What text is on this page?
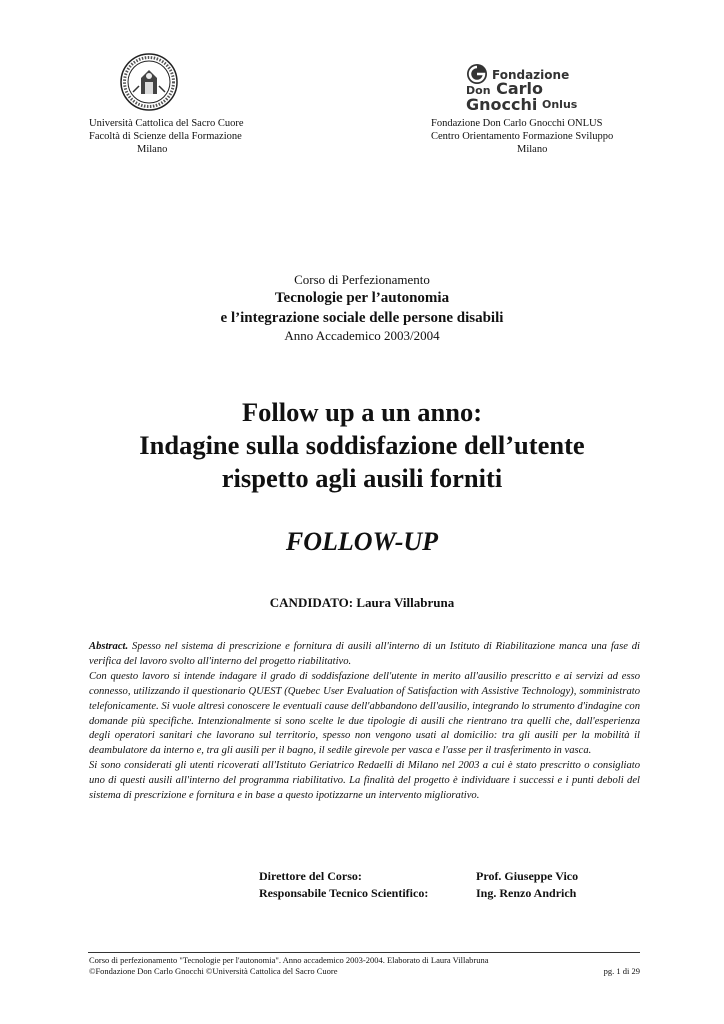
Fondazione
Don Carlo Gnocchi Onlus
Università Cattolica del Sacro Cuore
Facoltà di Scienze della Formazione
Milano
Fondazione Don Carlo Gnocchi ONLUS
Centro Orientamento Formazione Sviluppo
Milano
Corso di Perfezionamento
Tecnologie per l’autonomia
e l’integrazione sociale delle persone disabili
Anno Accademico 2003/2004
Follow up a un anno:
Indagine sulla soddisfazione dell’utente
rispetto agli ausili forniti
FOLLOW-UP
CANDIDATO: Laura Villabruna

Abstract. Spesso nel sistema di prescrizione e fornitura di ausili all'interno di un Istituto di Riabilitazione manca una fase di verifica del lavoro svolto all'interno del progetto riabilitativo.

Con questo lavoro si intende indagare il grado di soddisfazione dell'utente in merito all'ausilio prescritto e ai servizi ad esso connesso, utilizzando il questionario QUEST (Quebec User Evaluation of Satisfaction with Assistive Technology), somministrato telefonicamente. Si vuole altresì conoscere le eventuali cause dell'abbandono dell'ausilio, integrando lo strumento d'indagine con domande più specifiche. Intenzionalmente si sono scelte le due tipologie di ausili che rientrano tra quelli che, dall'esperienza degli operatori sanitari che lavorano sul territorio, spesso non vengono usati al domicilio: tra gli ausili per la mobilità il deambulatore da interno e, tra gli ausili per il bagno, il sedile girevole per vasca e l'asse per il trasferimento in vasca.

Si sono considerati gli utenti ricoverati all'Istituto Geriatrico Redaelli di Milano nel 2003 a cui è stato prescritto o consigliato uno di questi ausili all'interno del programma riabilitativo. La finalità del progetto è individuare i successi e i punti deboli del sistema di prescrizione e fornitura e in base a questo ipotizzarne un intervento migliorativo.

Direttore del Corso:
Responsabile Tecnico Scientifico:
Prof. Giuseppe Vico
Ing. Renzo Andrich
Corso di perfezionamento "Tecnologie per l'autonomia". Anno accademico 2003-2004. Elaborato di Laura Villabruna
©Fondazione Don Carlo Gnocchi ©Università Cattolica del Sacro Cuore	pg. 1 di 29
